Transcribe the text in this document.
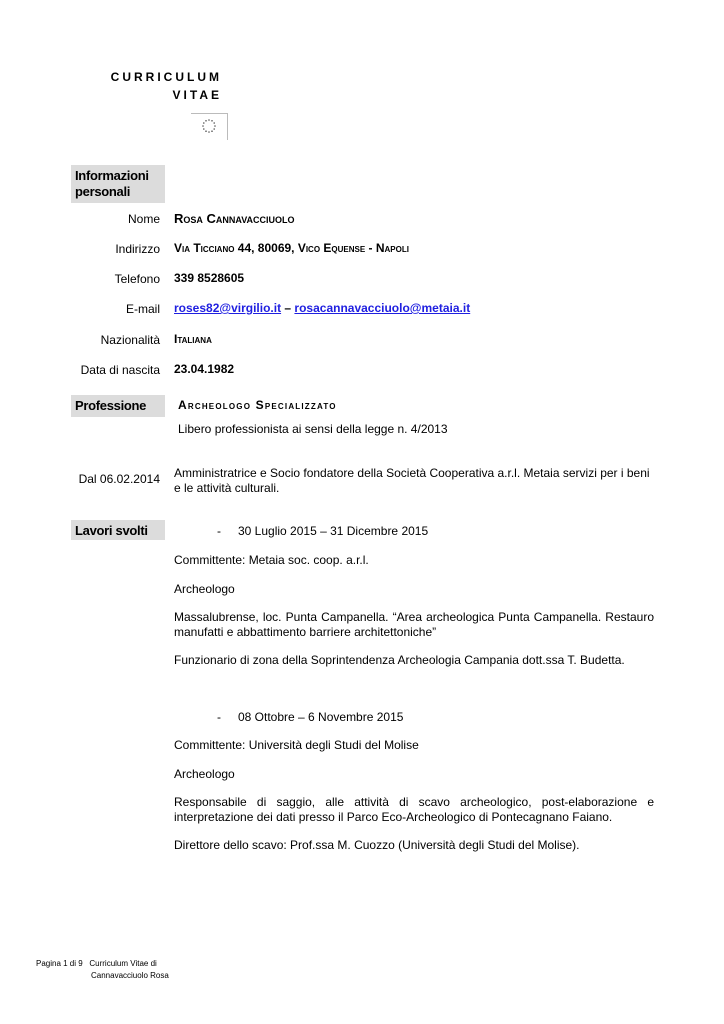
CURRICULUM
VITAE
Informazioni personali
Nome Rosa Cannavacciuolo
Indirizzo Via Ticciano 44, 80069, Vico Equense - Napoli
Telefono 339 8528605
E-mail roses82@virgilio.it – rosacannavacciuolo@metaia.it
Nazionalità Italiana
Data di nascita 23.04.1982
Professione	Archeologo Specializzato
Libero professionista ai sensi della legge n. 4/2013
Dal 06.02.2014 Amministratrice e Socio fondatore della Società Cooperativa a.r.l. Metaia servizi per i beni e le attività culturali.
Lavori svolti	- 30 Luglio 2015 – 31 Dicembre 2015
Committente: Metaia soc. coop. a.r.l.
Archeologo
Massalubrense, loc. Punta Campanella. “Area archeologica Punta Campanella. Restauro manufatti e abbattimento barriere architettoniche”
Funzionario di zona della Soprintendenza Archeologia Campania dott.ssa T. Budetta.
- 08 Ottobre – 6 Novembre 2015
Committente: Università degli Studi del Molise
Archeologo
Responsabile di saggio, alle attività di scavo archeologico, post-elaborazione e interpretazione dei dati presso il Parco Eco-Archeologico di Pontecagnano Faiano.
Direttore dello scavo: Prof.ssa M. Cuozzo (Università degli Studi del Molise).
Pagina 1 di 9 Curriculum Vitae di
Cannavacciuolo Rosa
